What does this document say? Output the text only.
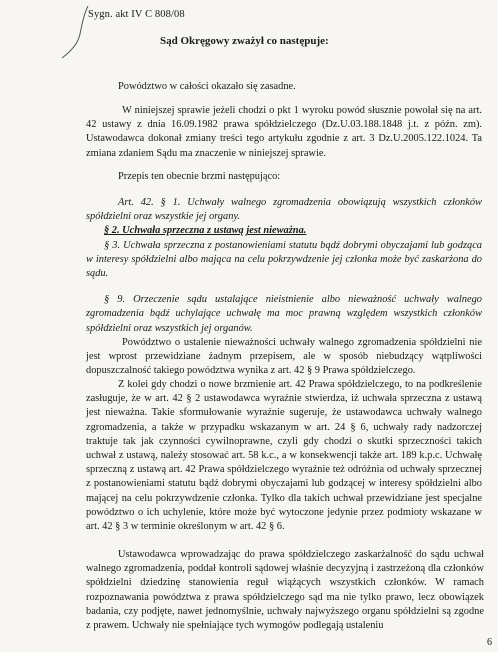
Sygn. akt IV C 808/08
Sąd Okręgowy zważył co następuje:

Powództwo w całości okazało się zasadne.

W niniejszej sprawie jeżeli chodzi o pkt 1 wyroku powód słusznie powołał się na art. 42 ustawy z dnia 16.09.1982 prawa spółdzielczego (Dz.U.03.188.1848 j.t. z późn. zm). Ustawodawca dokonał zmiany treści tego artykułu zgodnie z art. 3 Dz.U.2005.122.1024. Ta zmiana zdaniem Sądu ma znaczenie w niniejszej sprawie.

Przepis ten obecnie brzmi następująco:

Art. 42. § 1. Uchwały walnego zgromadzenia obowiązują wszystkich członków spółdzielni oraz wszystkie jej organy.

§ 2. Uchwała sprzeczna z ustawą jest nieważna.

§ 3. Uchwała sprzeczna z postanowieniami statutu bądź dobrymi obyczajami lub godząca w interesy spółdzielni albo mająca na celu pokrzywdzenie jej członka może być zaskarżona do sądu.

§ 9. Orzeczenie sądu ustalające nieistnienie albo nieważność uchwały walnego zgromadzenia bądź uchylające uchwałę ma moc prawną względem wszystkich członków spółdzielni oraz wszystkich jej organów.

Powództwo o ustalenie nieważności uchwały walnego zgromadzenia spółdzielni nie jest wprost przewidziane żadnym przepisem, ale w sposób niebudzący wątpliwości dopuszczalność takiego powództwa wynika z art. 42 § 9 Prawa spółdzielczego.

Z kolei gdy chodzi o nowe brzmienie art. 42 Prawa spółdzielczego, to na podkreślenie zasługuje, że w art. 42 § 2 ustawodawca wyraźnie stwierdza, iż uchwała sprzeczna z ustawą jest nieważna. Takie sformułowanie wyraźnie sugeruje, że ustawodawca uchwały walnego zgromadzenia, a także w przypadku wskazanym w art. 24 § 6, uchwały rady nadzorczej traktuje tak jak czynności cywilnoprawne, czyli gdy chodzi o skutki sprzeczności takich uchwał z ustawą, należy stosować art. 58 k.c., a w konsekwencji także art. 189 k.p.c. Uchwałę sprzeczną z ustawą art. 42 Prawa spółdzielczego wyraźnie też odróżnia od uchwały sprzecznej z postanowieniami statutu bądź dobrymi obyczajami lub godzącej w interesy spółdzielni albo mającej na celu pokrzywdzenie członka. Tylko dla takich uchwał przewidziane jest specjalne powództwo o ich uchylenie, które może być wytoczone jedynie przez podmioty wskazane w art. 42 § 3 w terminie określonym w art. 42 § 6.

Ustawodawca wprowadzając do prawa spółdzielczego zaskarżalność do sądu uchwał walnego zgromadzenia, poddał kontroli sądowej właśnie decyzyjną i zastrzeżoną dla członków spółdzielni dziedzinę stanowienia reguł wiążących wszystkich członków. W ramach rozpoznawania powództwa z prawa spółdzielczego sąd ma nie tylko prawo, lecz obowiązek badania, czy podjęte, nawet jednomyślnie, uchwały najwyższego organu spółdzielni są zgodne z prawem. Uchwały nie spełniające tych wymogów podlegają ustaleniu

6
